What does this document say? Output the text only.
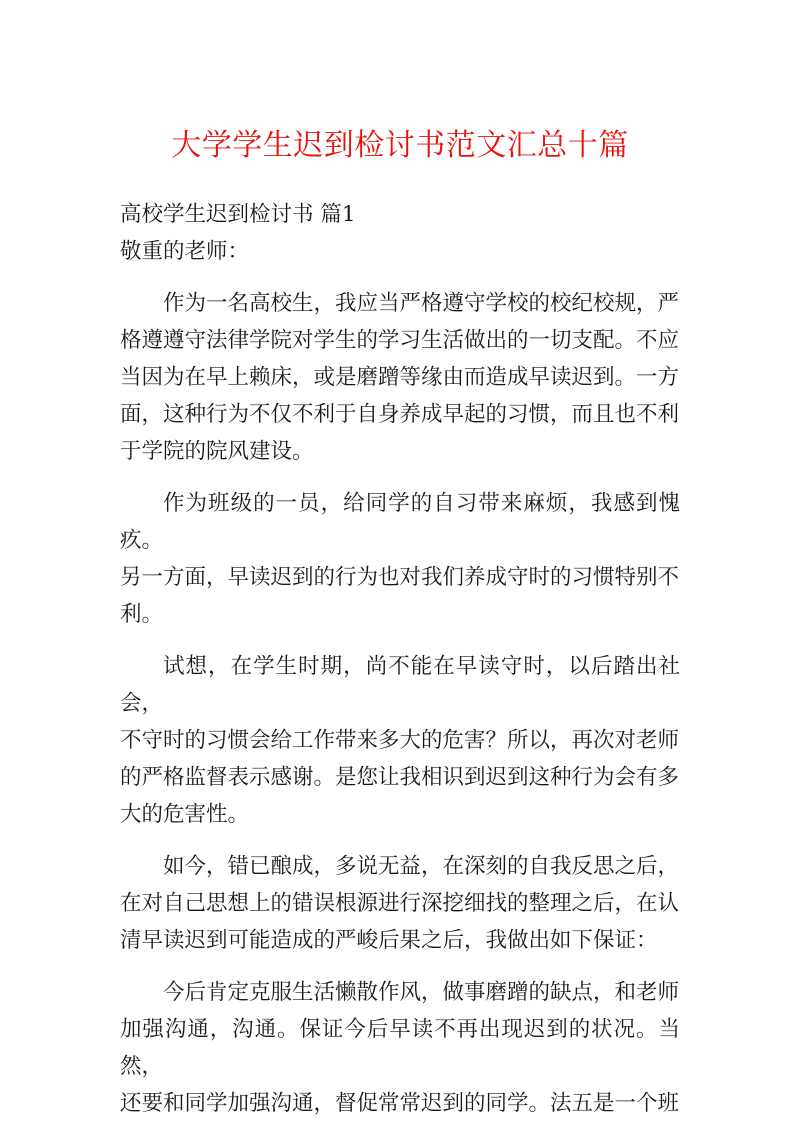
大学学生迟到检讨书范文汇总十篇

高校学生迟到检讨书 篇1

敬重的老师：

作为一名高校生，我应当严格遵守学校的校纪校规，严
格遵遵守法律学院对学生的学习生活做出的一切支配。不应
当因为在早上赖床，或是磨蹭等缘由而造成早读迟到。一方
面，这种行为不仅不利于自身养成早起的习惯，而且也不利
于学院的院风建设。
作为班级的一员，给同学的自习带来麻烦，我感到愧疚。
另一方面，早读迟到的行为也对我们养成守时的习惯特别不
利。
试想，在学生时期，尚不能在早读守时，以后踏出社会，
不守时的习惯会给工作带来多大的危害？所以，再次对老师
的严格监督表示感谢。是您让我相识到迟到这种行为会有多
大的危害性。
如今，错已酿成，多说无益，在深刻的自我反思之后，
在对自己思想上的错误根源进行深挖细找的整理之后，在认
清早读迟到可能造成的严峻后果之后，我做出如下保证：
今后肯定克服生活懒散作风，做事磨蹭的缺点，和老师
加强沟通，沟通。保证今后早读不再出现迟到的状况。当然，
还要和同学加强沟通，督促常常迟到的同学。法五是一个班
